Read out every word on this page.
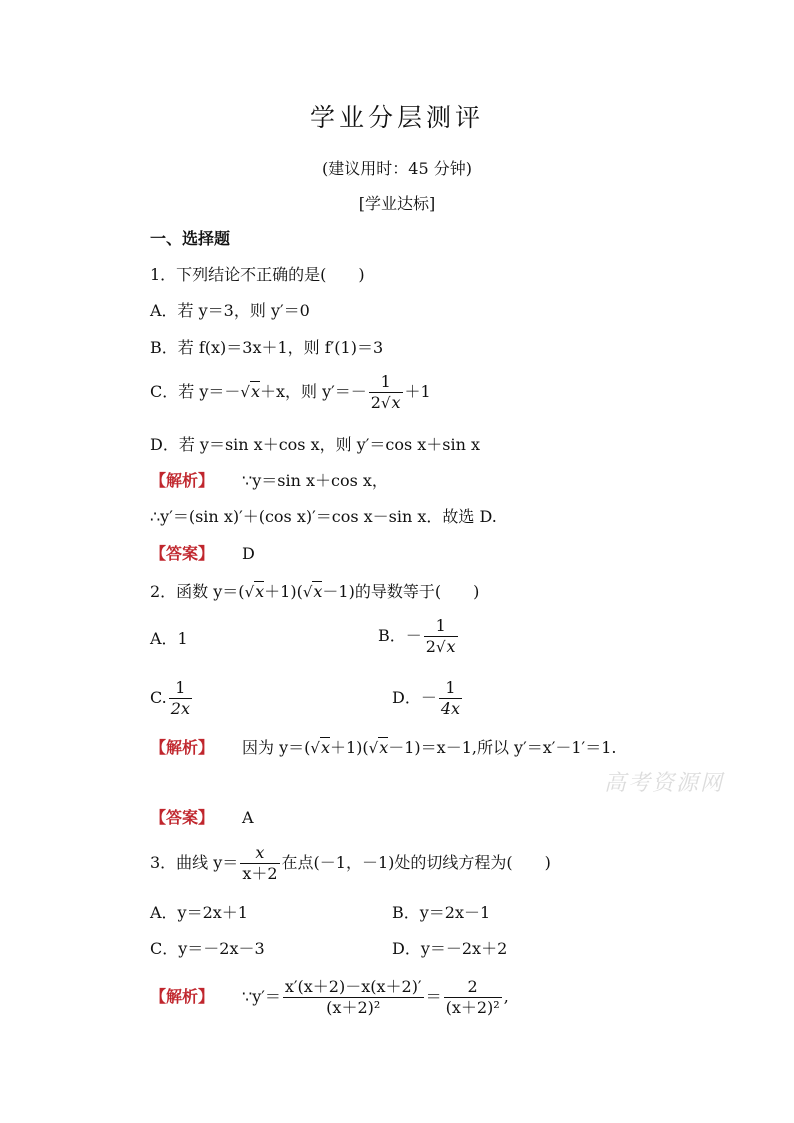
学业分层测评
(建议用时：45 分钟)
[学业达标]
一、选择题
1．下列结论不正确的是(　　)
A．若 y＝3，则 y′＝0
B．若 f(x)＝3x＋1，则 f′(1)＝3
C．若 y＝－√x＋x，则 $y'=- \frac{1}{2√x} +1$
D．若 y＝sin x＋cos x，则 y′＝cos x＋sin x
【解析】 ∵y＝sin x＋cos x，
∴y′＝(sin x)′＋(cos x)′＝cos x－sin x．故选 D.
【答案】 D
2．函数 y＝(√x＋1)(√x－1)的导数等于(　　)
A．1	B．－ $\frac{1}{2√x}$
C. $\frac{1}{2x}$	D．－ $\frac{1}{4x}$
【解析】 因为 y＝(√x＋1)(√x－1)＝x－1,所以 y′＝x′－1′＝1.
高考资源网
【答案】 A
3．曲线 $y= \frac{x}{x+2}$ 在点(－1，－1)处的切线方程为(　　)
A．y＝2x＋1	B．y＝2x－1
C．y＝－2x－3	D．y＝－2x＋2
【解析】 ∵y′＝ $\frac{x'(x+2)-x(x+2)'}{\text{(x＋2)²}} = \frac{2}{\text{(x＋2)²}}$ ,
